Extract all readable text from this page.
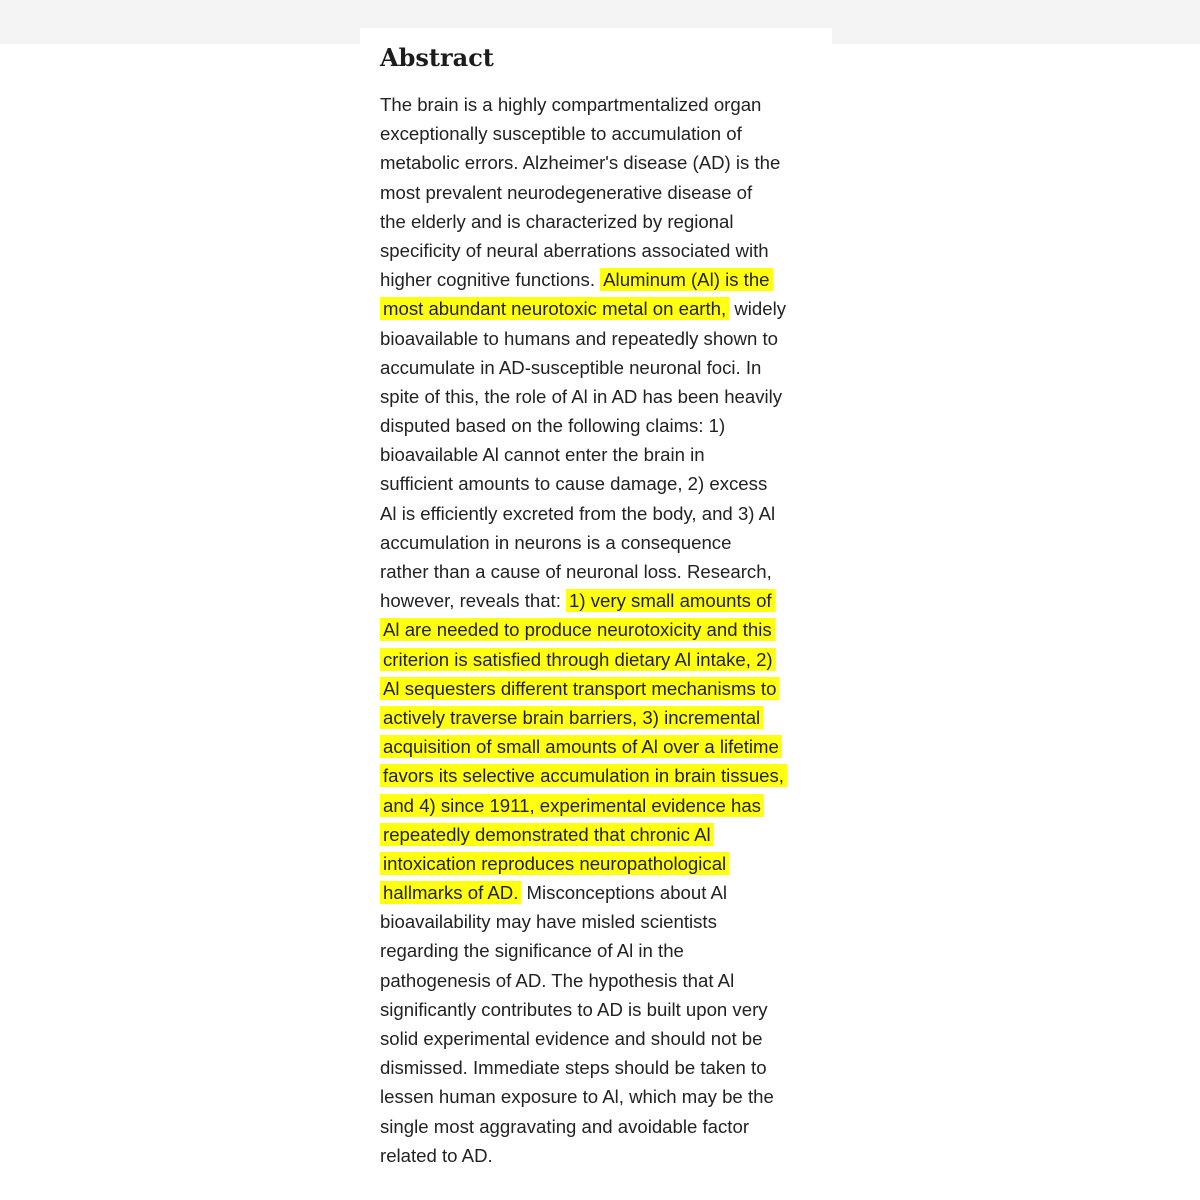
Abstract
The brain is a highly compartmentalized organ
exceptionally susceptible to accumulation of
metabolic errors. Alzheimer's disease (AD) is the
most prevalent neurodegenerative disease of
the elderly and is characterized by regional
specificity of neural aberrations associated with
higher cognitive functions. Aluminum (Al) is the
most abundant neurotoxic metal on earth, widely
bioavailable to humans and repeatedly shown to
accumulate in AD-susceptible neuronal foci. In
spite of this, the role of Al in AD has been heavily
disputed based on the following claims: 1)
bioavailable Al cannot enter the brain in
sufficient amounts to cause damage, 2) excess
Al is efficiently excreted from the body, and 3) Al
accumulation in neurons is a consequence
rather than a cause of neuronal loss. Research,
however, reveals that: 1) very small amounts of
Al are needed to produce neurotoxicity and this
criterion is satisfied through dietary Al intake, 2)
Al sequesters different transport mechanisms to
actively traverse brain barriers, 3) incremental
acquisition of small amounts of Al over a lifetime
favors its selective accumulation in brain tissues,
and 4) since 1911, experimental evidence has
repeatedly demonstrated that chronic Al
intoxication reproduces neuropathological
hallmarks of AD. Misconceptions about Al
bioavailability may have misled scientists
regarding the significance of Al in the
pathogenesis of AD. The hypothesis that Al
significantly contributes to AD is built upon very
solid experimental evidence and should not be
dismissed. Immediate steps should be taken to
lessen human exposure to Al, which may be the
single most aggravating and avoidable factor
related to AD.
